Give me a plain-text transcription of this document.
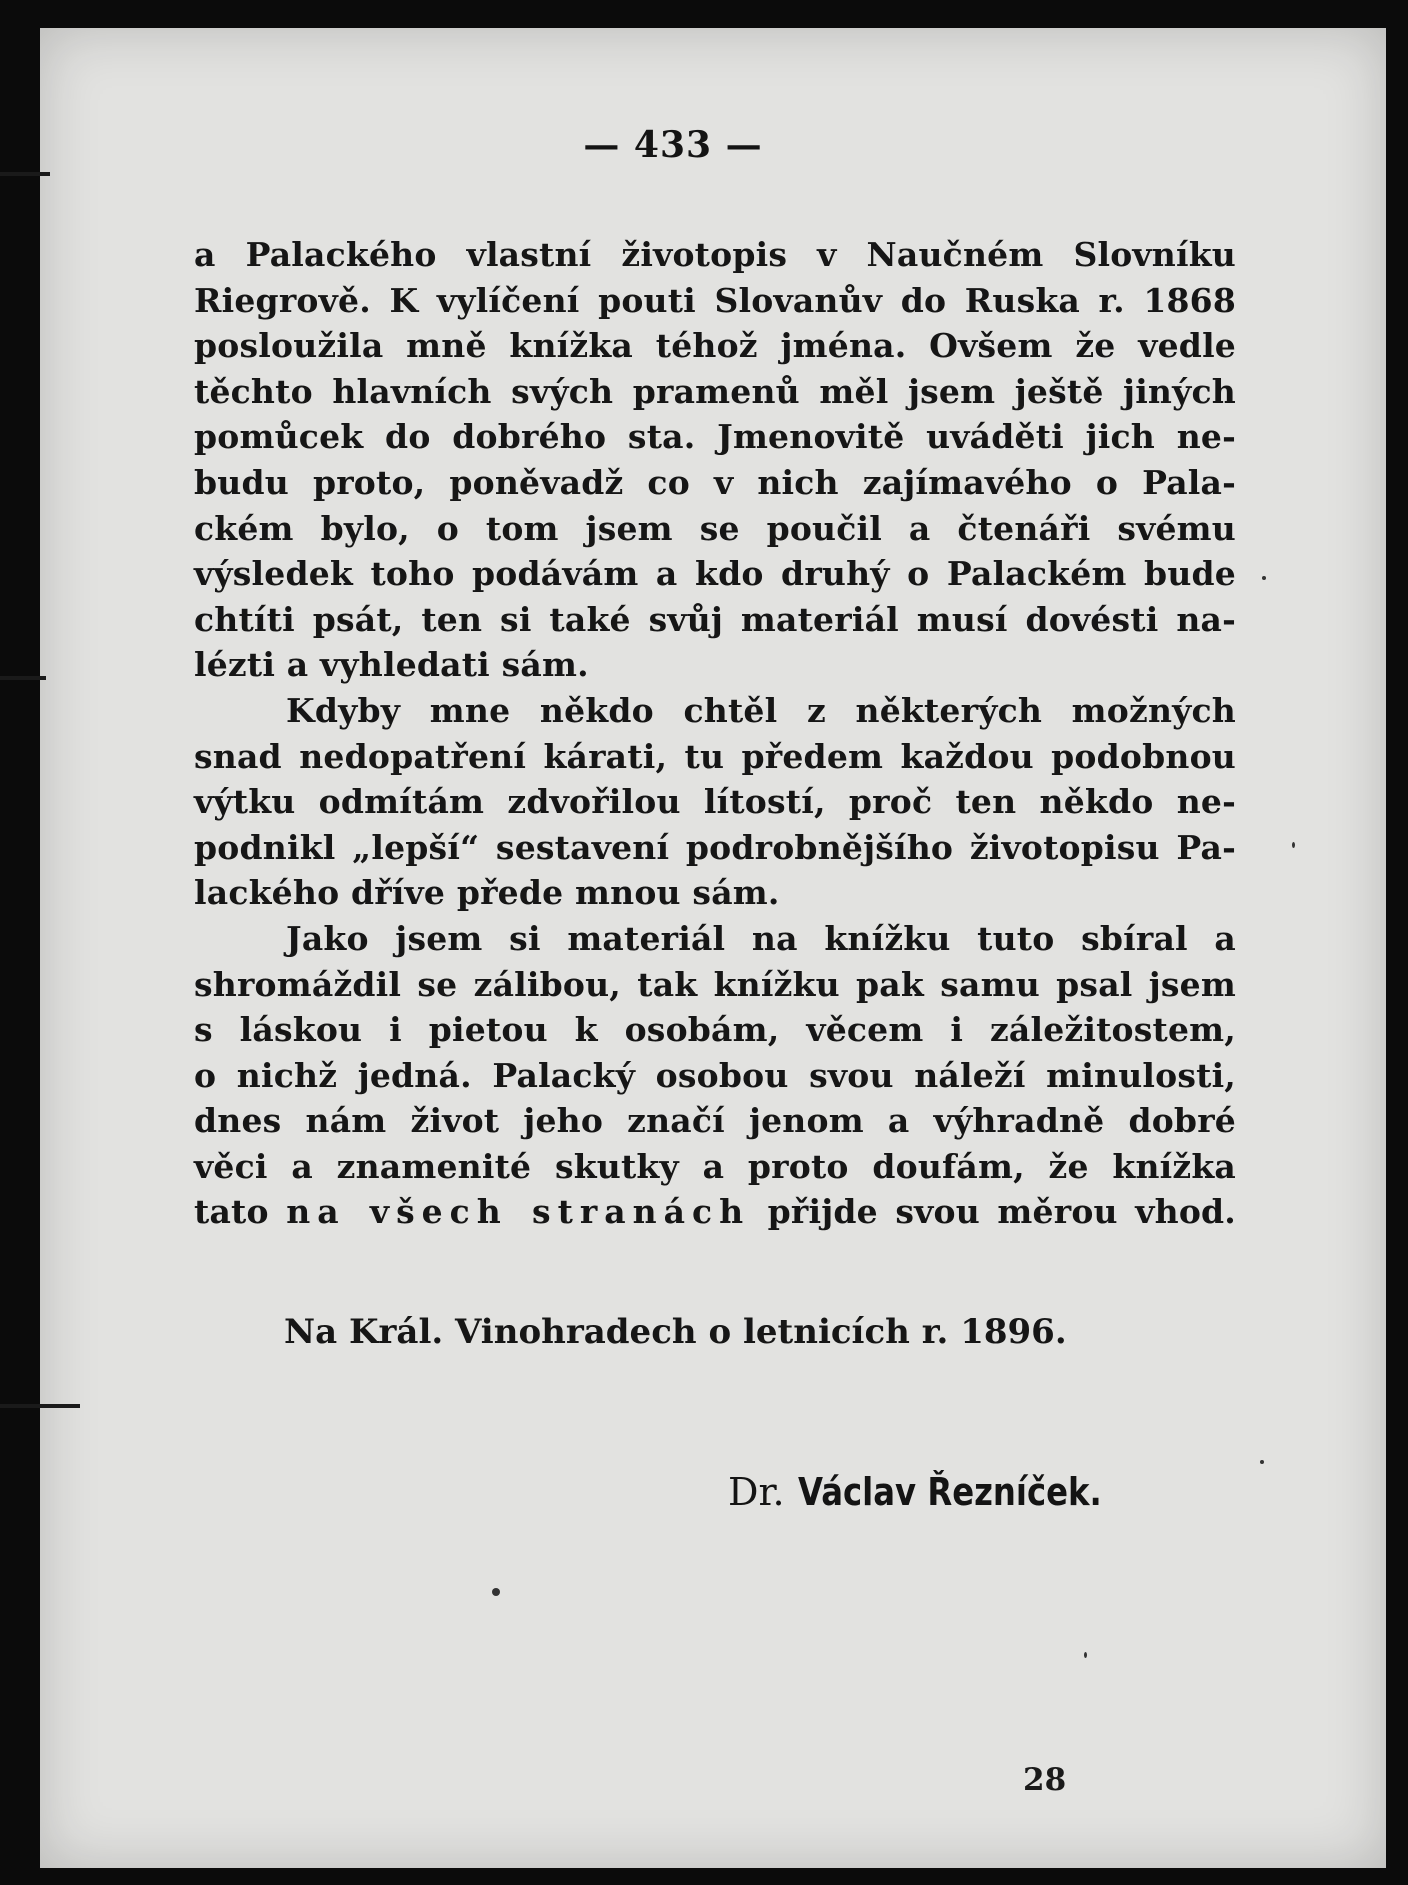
— 433 —
a Palackého vlastní životopis v Naučném Slovníku
Riegrově. K vylíčení pouti Slovanův do Ruska r. 1868
posloužila mně knížka téhož jména. Ovšem že vedle
těchto hlavních svých pramenů měl jsem ještě jiných
pomůcek do dobrého sta. Jmenovitě uváděti jich ne-
budu proto, poněvadž co v nich zajímavého o Pala-
ckém bylo, o tom jsem se poučil a čtenáři svému
výsledek toho podávám a kdo druhý o Palackém bude
chtíti psát, ten si také svůj materiál musí dovésti na-
lézti a vyhledati sám.
Kdyby mne někdo chtěl z některých možných
snad nedopatření kárati, tu předem každou podobnou
výtku odmítám zdvořilou lítostí, proč ten někdo ne-
podnikl „lepší“ sestavení podrobnějšího životopisu Pa-
lackého dříve přede mnou sám.
Jako jsem si materiál na knížku tuto sbíral a
shromáždil se zálibou, tak knížku pak samu psal jsem
s láskou i pietou k osobám, věcem i záležitostem,
o nichž jedná. Palacký osobou svou náleží minulosti,
dnes nám život jeho značí jenom a výhradně dobré
věci a znamenité skutky a proto doufám, že knížka
tato na všech stranách přijde svou měrou vhod.
Na Král. Vinohradech o letnicích r. 1896.
Dr. Václav Řezníček.
28
